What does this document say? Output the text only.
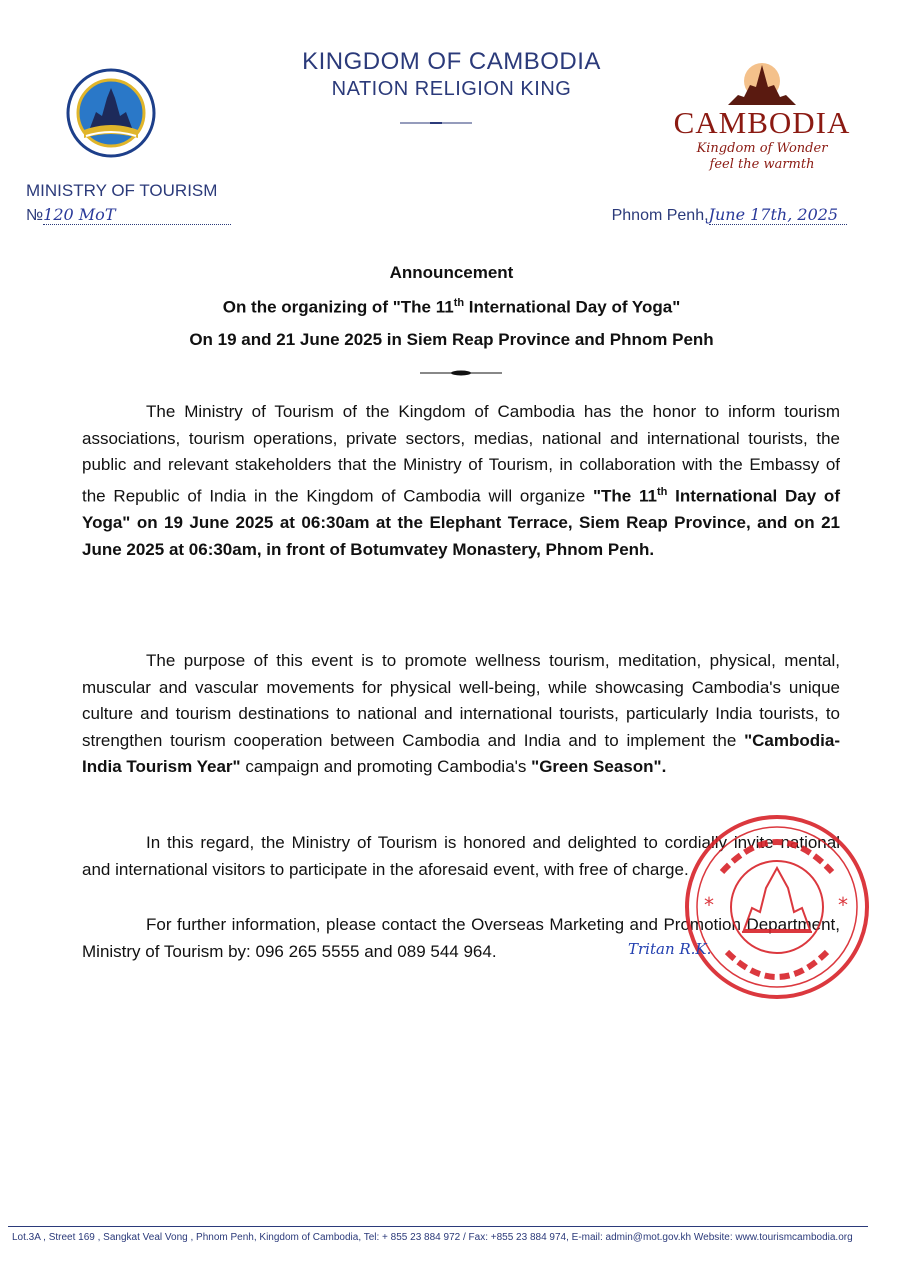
KINGDOM OF CAMBODIA
NATION RELIGION KING
CAMBODIA
Kingdom of Wonder
feel the warmth
MINISTRY OF TOURISM
№120 MoT	Phnom Penh,June 17th, 2025
Announcement
On the organizing of "The 11th International Day of Yoga"
On 19 and 21 June 2025 in Siem Reap Province and Phnom Penh

The Ministry of Tourism of the Kingdom of Cambodia has the honor to inform tourism associations, tourism operations, private sectors, medias, national and international tourists, the public and relevant stakeholders that the Ministry of Tourism, in collaboration with the Embassy of the Republic of India in the Kingdom of Cambodia will organize "The 11th International Day of Yoga" on 19 June 2025 at 06:30am at the Elephant Terrace, Siem Reap Province, and on 21 June 2025 at 06:30am, in front of Botumvatey Monastery, Phnom Penh.

The purpose of this event is to promote wellness tourism, meditation, physical, mental, muscular and vascular movements for physical well-being, while showcasing Cambodia's unique culture and tourism destinations to national and international tourists, particularly India tourists, to strengthen tourism cooperation between Cambodia and India and to implement the "Cambodia-India Tourism Year" campaign and promoting Cambodia's "Green Season".

In this regard, the Ministry of Tourism is honored and delighted to cordially invite national and international visitors to participate in the aforesaid event, with free of charge.

For further information, please contact the Overseas Marketing and Promotion Department, Ministry of Tourism by: 096 265 5555 and 089 544 964.

*	*
Tritan R.K.
Lot.3A , Street 169 , Sangkat Veal Vong , Phnom Penh, Kingdom of Cambodia, Tel: + 855 23 884 972 / Fax: +855 23 884 974, E-mail: admin@mot.gov.kh Website: www.tourismcambodia.org
